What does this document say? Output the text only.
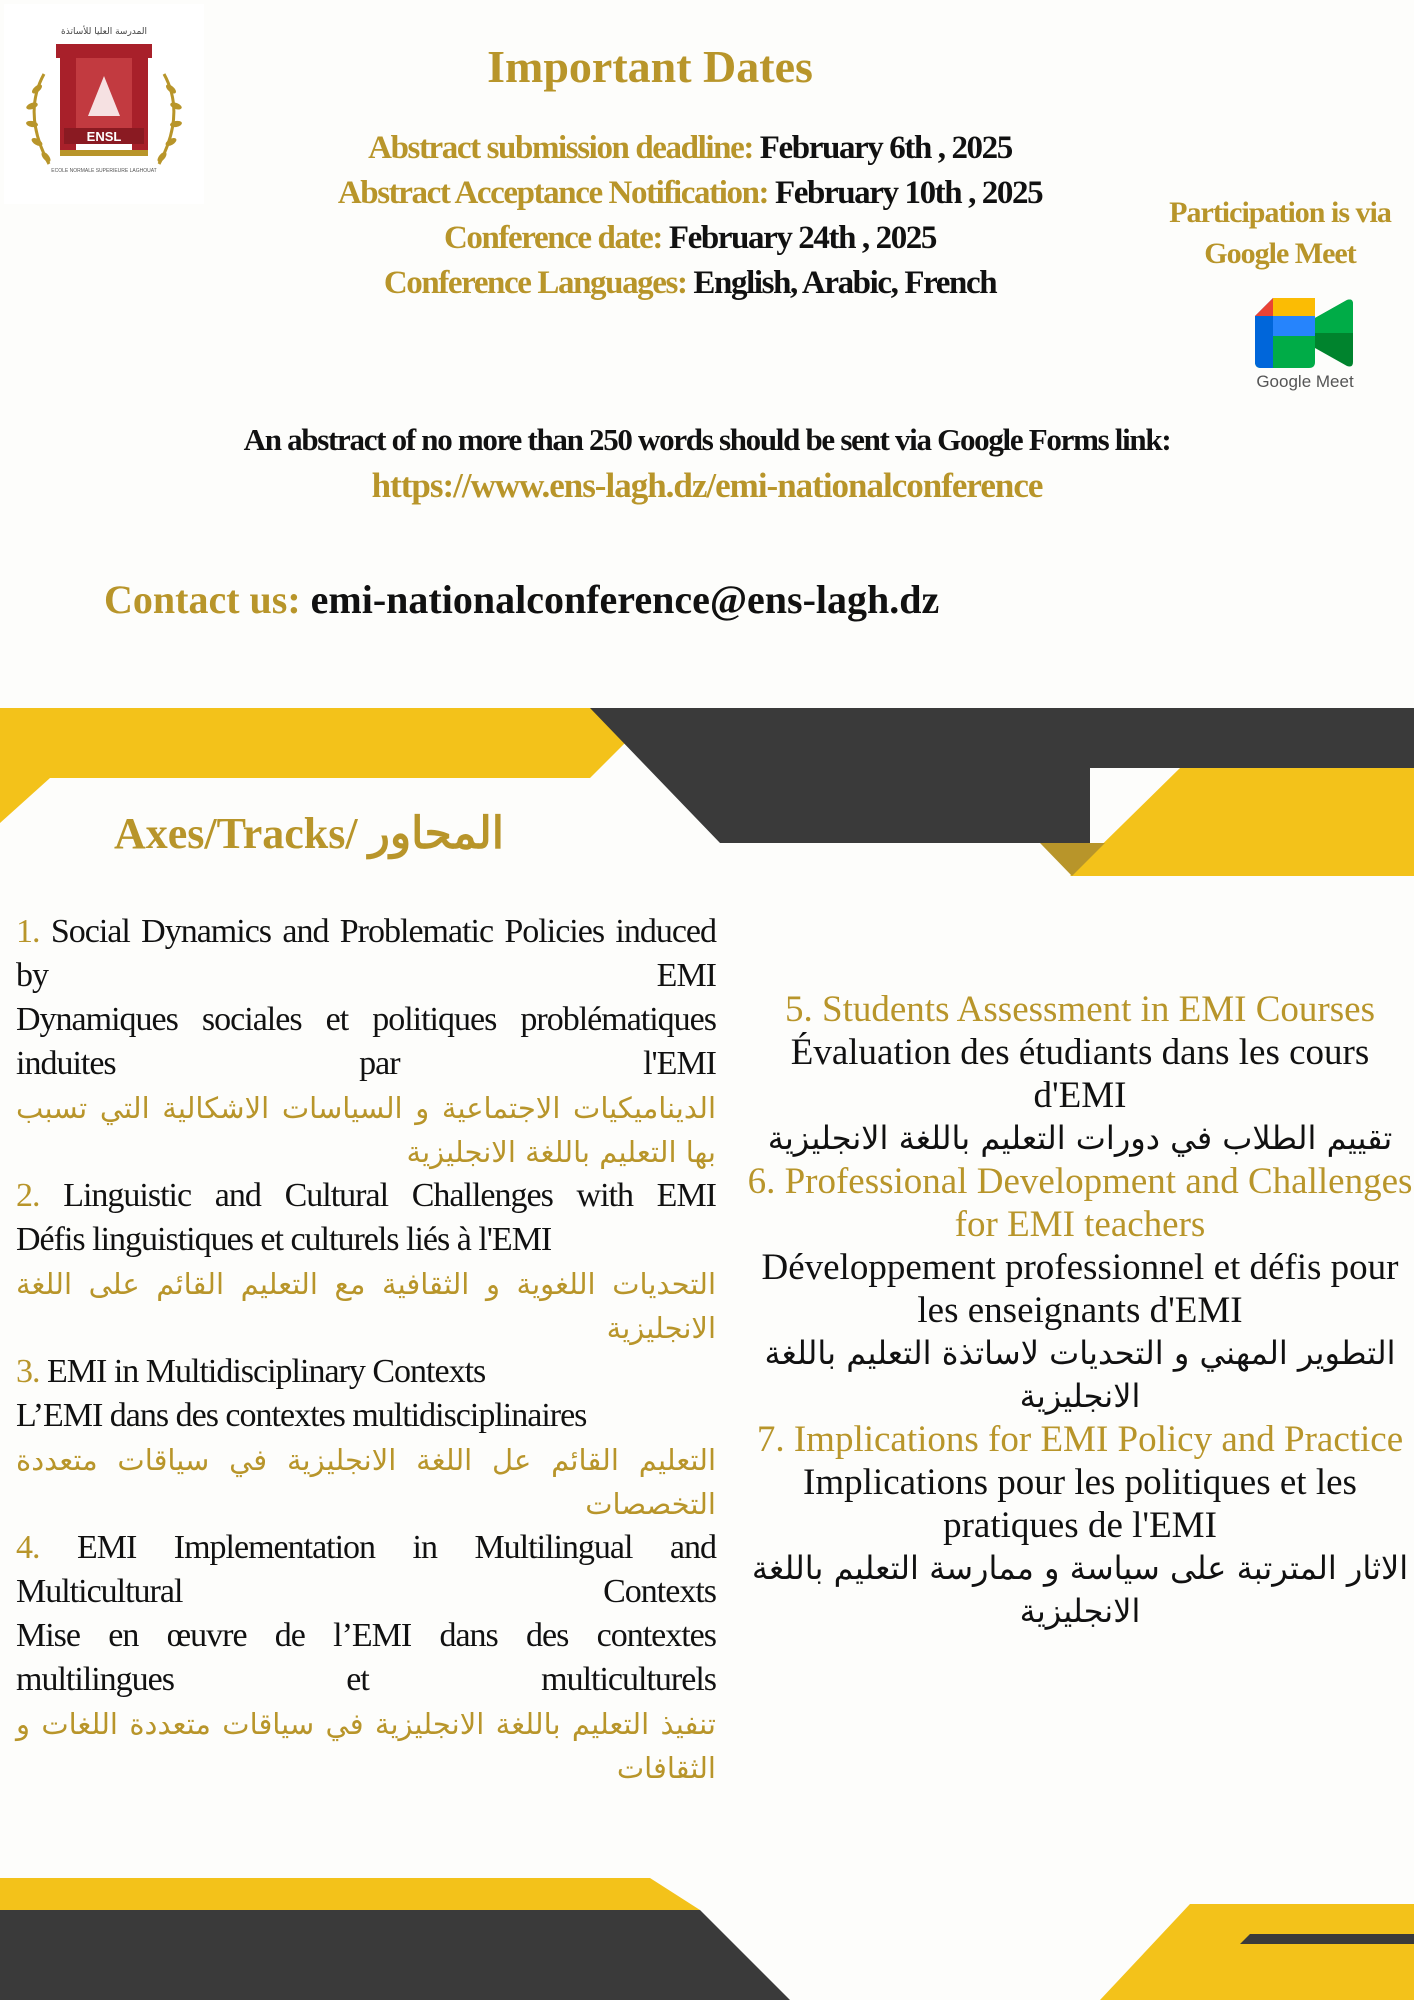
ENSL
ECOLE NORMALE SUPERIEURE LAGHOUAT
المدرسة العليا للأساتذة
Important Dates
Abstract submission deadline: February 6th , 2025
Abstract Acceptance Notification: February 10th , 2025
Conference date: February 24th , 2025
Conference Languages: English, Arabic, French
Participation is via
Google Meet
Google Meet
An abstract of no more than 250 words should be sent via Google Forms link:
https://www.ens-lagh.dz/emi-nationalconference
Contact us: emi-nationalconference@ens-lagh.dz
Axes/Tracks/ المحاور
1. Social Dynamics and Problematic Policies induced by EMI
Dynamiques sociales et politiques problématiques induites par l'EMI
الديناميكيات الاجتماعية و السياسات الاشكالية التي تسبب بها التعليم باللغة الانجليزية
2. Linguistic and Cultural Challenges with EMI
Défis linguistiques et culturels liés à l'EMI
التحديات اللغوية و الثقافية مع التعليم القائم على اللغة الانجليزية
3. EMI in Multidisciplinary Contexts
L’EMI dans des contextes multidisciplinaires
التعليم القائم عل اللغة الانجليزية في سياقات متعددة التخصصات
4. EMI Implementation in Multilingual and Multicultural Contexts
Mise en œuvre de l’EMI dans des contextes multilingues et multiculturels
تنفيذ التعليم باللغة الانجليزية في سياقات متعددة اللغات و الثقافات
5. Students Assessment in EMI Courses
Évaluation des étudiants dans les cours d'EMI
تقييم الطلاب في دورات التعليم باللغة الانجليزية
6. Professional Development and Challenges for EMI teachers
Développement professionnel et défis pour les enseignants d'EMI
التطوير المهني و التحديات لاساتذة التعليم باللغة الانجليزية
7. Implications for EMI Policy and Practice
Implications pour les politiques et les pratiques de l'EMI
الاثار المترتبة على سياسة و ممارسة التعليم باللغة الانجليزية
